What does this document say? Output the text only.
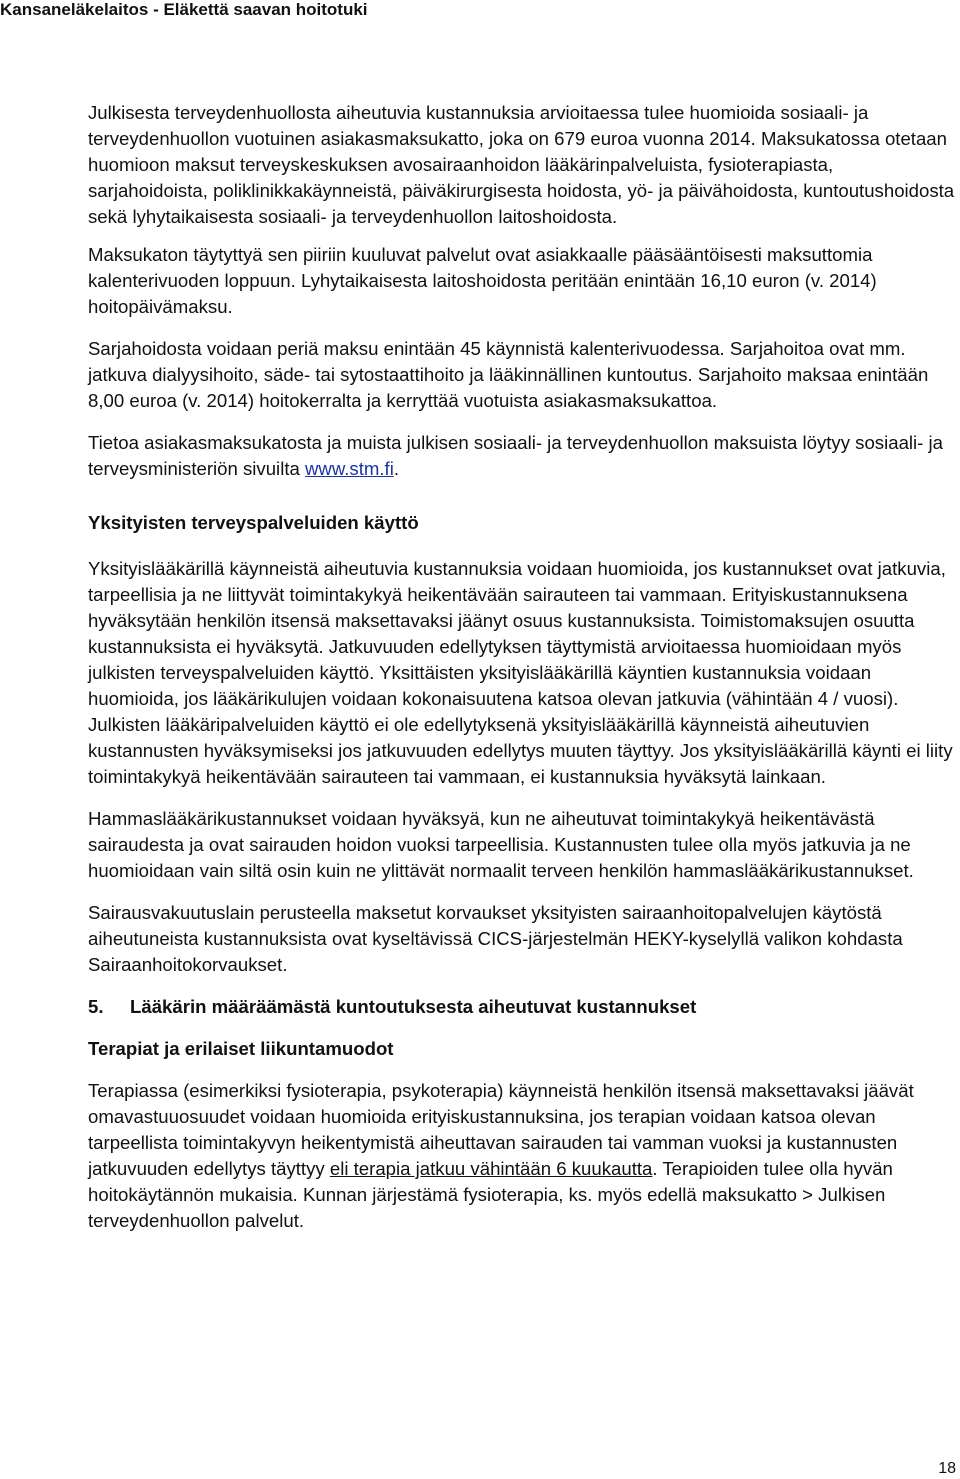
Kansaneläkelaitos - Eläkettä saavan hoitotuki

Julkisesta terveydenhuollosta aiheutuvia kustannuksia arvioitaessa tulee huomioida sosiaali- ja terveydenhuollon vuotuinen asiakasmaksukatto, joka on 679 euroa vuonna 2014. Maksukatossa otetaan huomioon maksut terveyskeskuksen avosairaanhoidon lääkärinpalveluista, fysioterapiasta, sarjahoidoista, poliklinikkakäynneistä, päiväkirurgisesta hoidosta, yö- ja päivähoidosta, kuntoutushoidosta sekä lyhytaikaisesta sosiaali- ja terveydenhuollon laitoshoidosta.

Maksukaton täytyttyä sen piiriin kuuluvat palvelut ovat asiakkaalle pääsääntöisesti maksuttomia kalenterivuoden loppuun. Lyhytaikaisesta laitoshoidosta peritään enintään 16,10 euron (v. 2014) hoitopäivämaksu.

Sarjahoidosta voidaan periä maksu enintään 45 käynnistä kalenterivuodessa. Sarjahoitoa ovat mm. jatkuva dialyysihoito, säde- tai sytostaattihoito ja lääkinnällinen kuntoutus. Sarjahoito maksaa enintään 8,00 euroa (v. 2014) hoitokerralta ja kerryttää vuotuista asiakasmaksukattoa.

Tietoa asiakasmaksukatosta ja muista julkisen sosiaali- ja terveydenhuollon maksuista löytyy sosiaali- ja terveysministeriön sivuilta www.stm.fi.

Yksityisten terveyspalveluiden käyttö

Yksityislääkärillä käynneistä aiheutuvia kustannuksia voidaan huomioida, jos kustannukset ovat jatkuvia, tarpeellisia ja ne liittyvät toimintakykyä heikentävään sairauteen tai vammaan. Erityiskustannuksena hyväksytään henkilön itsensä maksettavaksi jäänyt osuus kustannuksista. Toimistomaksujen osuutta kustannuksista ei hyväksytä. Jatkuvuuden edellytyksen täyttymistä arvioitaessa huomioidaan myös julkisten terveyspalveluiden käyttö. Yksittäisten yksityislääkärillä käyntien kustannuksia voidaan huomioida, jos lääkärikulujen voidaan kokonaisuutena katsoa olevan jatkuvia (vähintään 4 / vuosi). Julkisten lääkäripalveluiden käyttö ei ole edellytyksenä yksityislääkärillä käynneistä aiheutuvien kustannusten hyväksymiseksi jos jatkuvuuden edellytys muuten täyttyy. Jos yksityislääkärillä käynti ei liity toimintakykyä heikentävään sairauteen tai vammaan, ei kustannuksia hyväksytä lainkaan.

Hammaslääkärikustannukset voidaan hyväksyä, kun ne aiheutuvat toimintakykyä heikentävästä sairaudesta ja ovat sairauden hoidon vuoksi tarpeellisia. Kustannusten tulee olla myös jatkuvia ja ne huomioidaan vain siltä osin kuin ne ylittävät normaalit terveen henkilön hammaslääkärikustannukset.

Sairausvakuutuslain perusteella maksetut korvaukset yksityisten sairaanhoitopalvelujen käytöstä aiheutuneista kustannuksista ovat kyseltävissä CICS-järjestelmän HEKY-kyselyllä valikon kohdasta Sairaanhoitokorvaukset.

5. Lääkärin määräämästä kuntoutuksesta aiheutuvat kustannukset
Terapiat ja erilaiset liikuntamuodot

Terapiassa (esimerkiksi fysioterapia, psykoterapia) käynneistä henkilön itsensä maksettavaksi jäävät omavastuuosuudet voidaan huomioida erityiskustannuksina, jos terapian voidaan katsoa olevan tarpeellista toimintakyvyn heikentymistä aiheuttavan sairauden tai vamman vuoksi ja kustannusten jatkuvuuden edellytys täyttyy eli terapia jatkuu vähintään 6 kuukautta. Terapioiden tulee olla hyvän hoitokäytännön mukaisia. Kunnan järjestämä fysioterapia, ks. myös edellä maksukatto > Julkisen terveydenhuollon palvelut.

18
